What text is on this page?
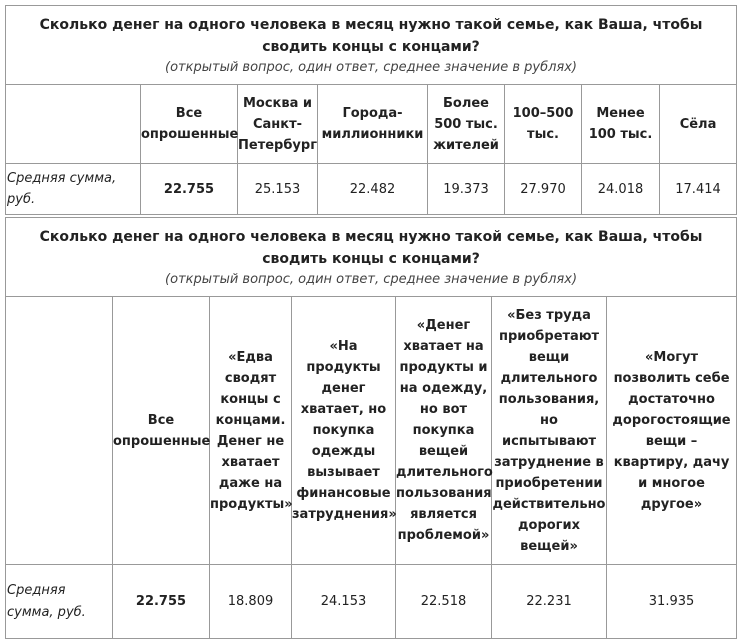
Сколько денег на одного человека в месяц нужно такой семье, как Ваша, чтобы сводить концы с концами?
(открытый вопрос, один ответ, среднее значение в рублях)							

	Все опрошенные	Москва и Санкт-Петербург	Города-миллионники	Более 500 тыс. жителей	100–500 тыс.	Менее 100 тыс.	Сёла
Средняя сумма, руб.	22.755	25.153	22.482	19.373	27.970	24.018	17.414
Сколько денег на одного человека в месяц нужно такой семье, как Ваша, чтобы сводить концы с концами?
(открытый вопрос, один ответ, среднее значение в рублях)						

	Все опрошенные	«Едва сводят концы с концами. Денег не хватает даже на продукты»	«На продукты денег хватает, но покупка одежды вызывает финансовые затруднения»	«Денег хватает на продукты и на одежду, но вот покупка вещей длительного пользования является проблемой»	«Без труда приобретают вещи длительного пользования, но испытывают затруднение в приобретении действительно дорогих вещей»	«Могут позволить себе достаточно дорогостоящие вещи – квартиру, дачу и многое другое»
Средняя сумма, руб.	22.755	18.809	24.153	22.518	22.231	31.935
